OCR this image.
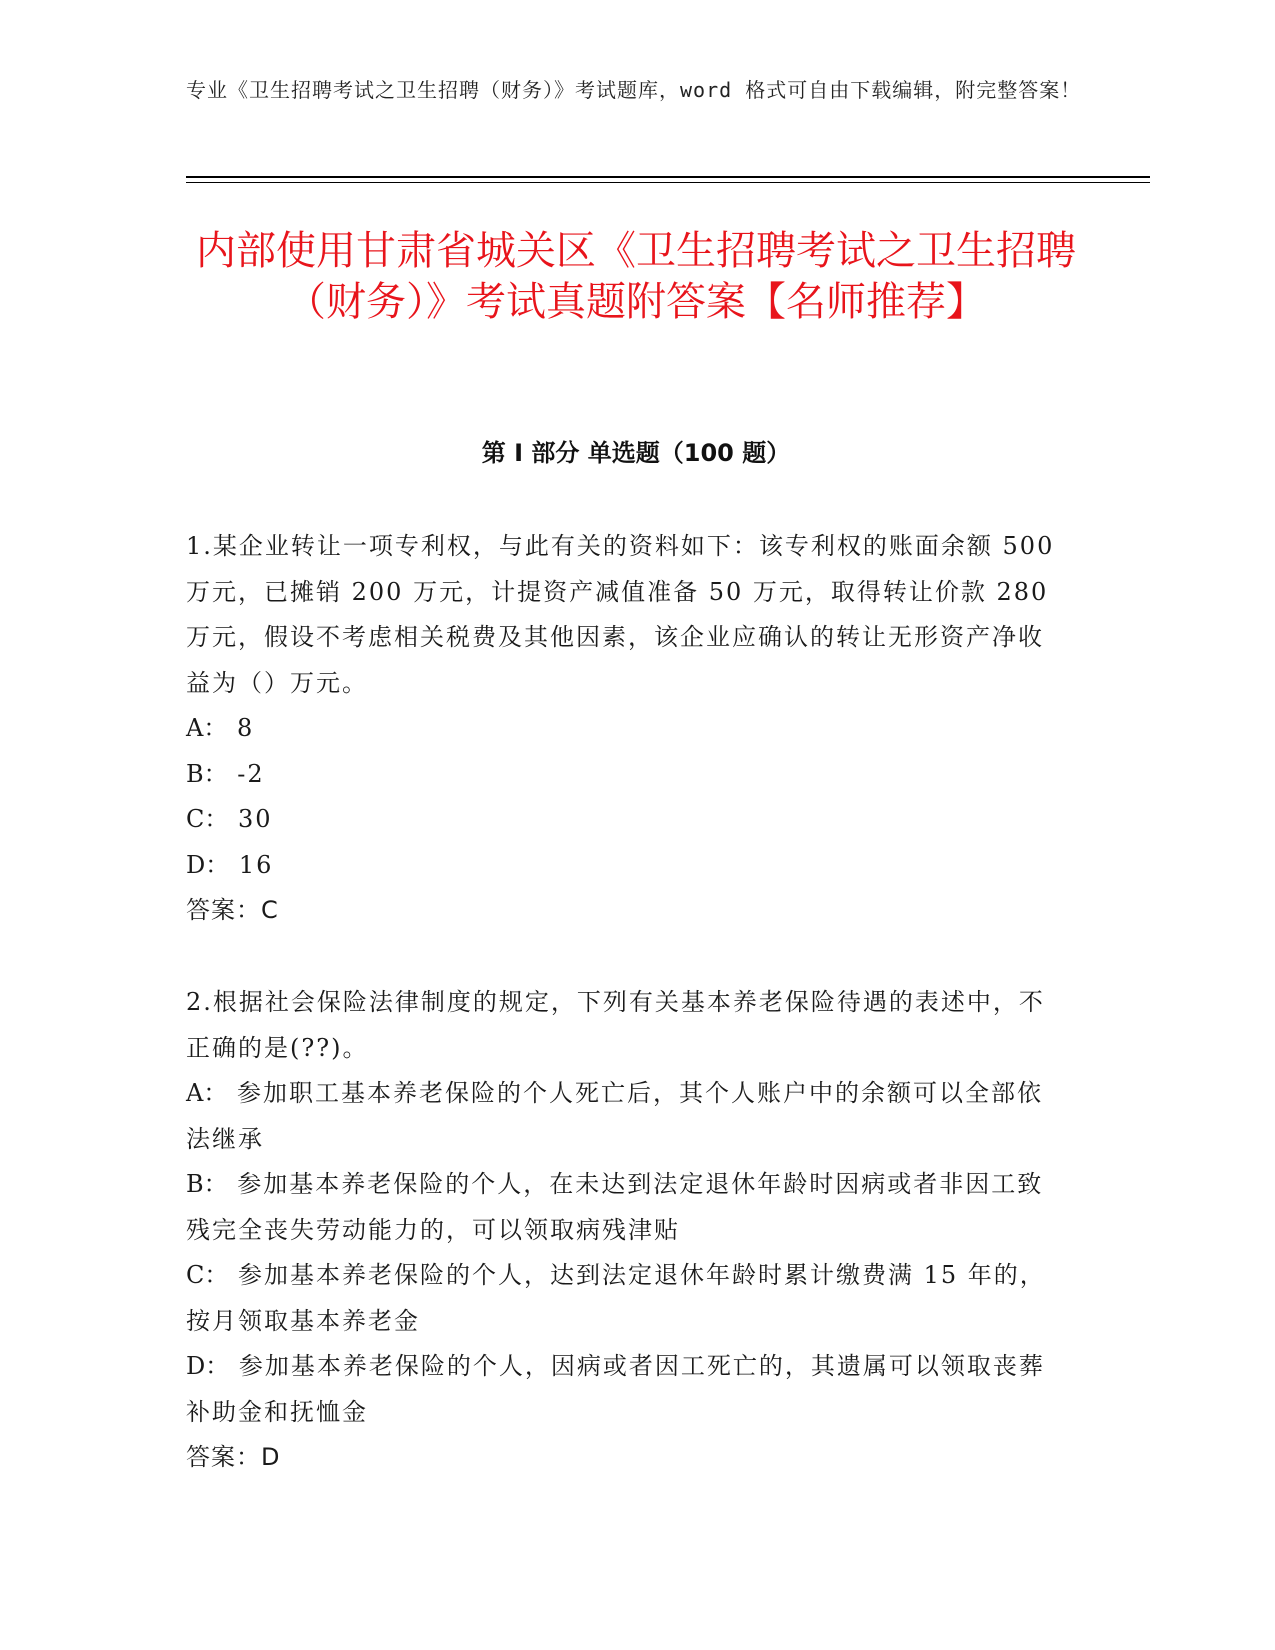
专业《卫生招聘考试之卫生招聘（财务）》考试题库，word 格式可自由下载编辑，附完整答案！
内部使用甘肃省城关区《卫生招聘考试之卫生招聘（财务）》考试真题附答案【名师推荐】
第 I 部分 单选题（100 题）

1.某企业转让一项专利权，与此有关的资料如下：该专利权的账面余额 500 万元，已摊销 200 万元，计提资产减值准备 50 万元，取得转让价款 280 万元，假设不考虑相关税费及其他因素，该企业应确认的转让无形资产净收益为（）万元。

A： 8

B： -2

C： 30

D： 16

答案：C

2.根据社会保险法律制度的规定，下列有关基本养老保险待遇的表述中，不正确的是(??)。

A： 参加职工基本养老保险的个人死亡后，其个人账户中的余额可以全部依法继承

B： 参加基本养老保险的个人，在未达到法定退休年龄时因病或者非因工致残完全丧失劳动能力的，可以领取病残津贴

C： 参加基本养老保险的个人，达到法定退休年龄时累计缴费满 15 年的，按月领取基本养老金

D： 参加基本养老保险的个人，因病或者因工死亡的，其遗属可以领取丧葬补助金和抚恤金

答案：D
